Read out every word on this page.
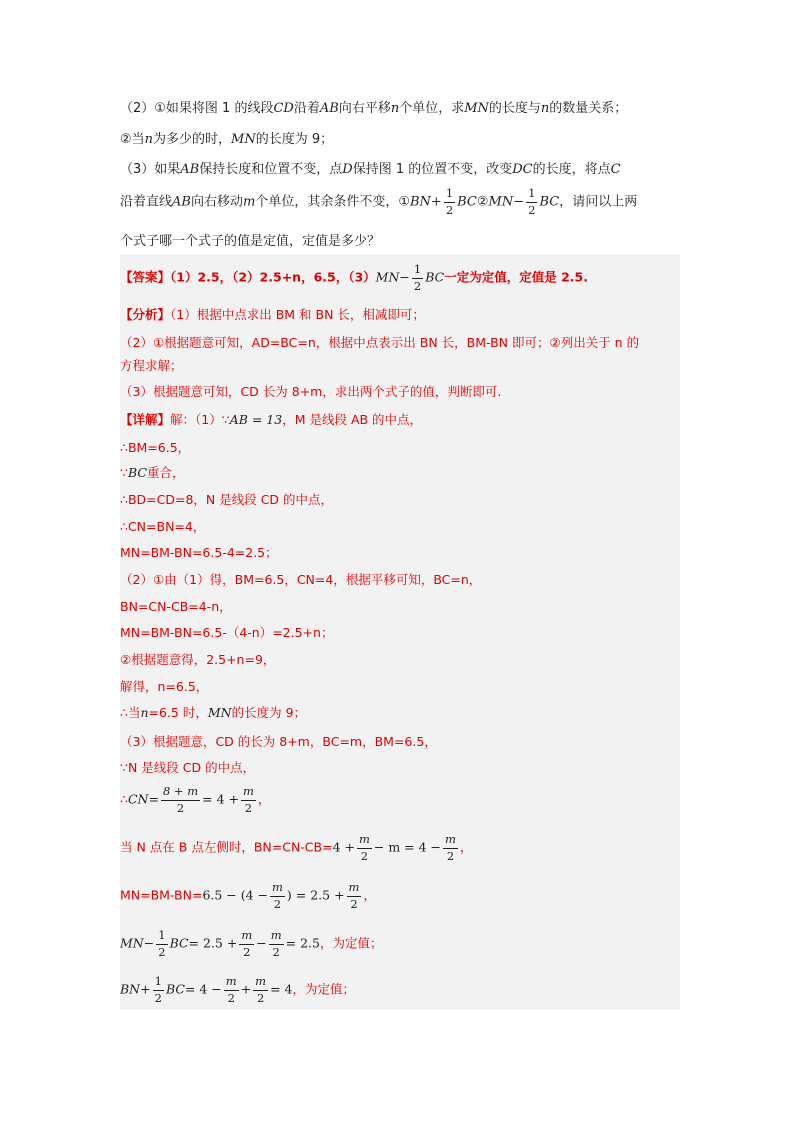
（2）①如果将图 1 的线段CD沿着AB向右平移n个单位，求MN的长度与n的数量关系；
②当n为多少的时，MN的长度为 9；
（3）如果AB保持长度和位置不变，点D保持图 1 的位置不变，改变DC的长度，将点C
沿着直线AB向右移动m个单位，其余条件不变，①BN+ $\frac{1}{2}$ BC②MN− $\frac{1}{2}$ BC，请问以上两
个式子哪一个式子的值是定值，定值是多少？
【答案】（1）2.5，（2）2.5+n，6.5，$(3)MN- \frac{1}{2}$ BC一定为定值，定值是 2.5.
【分析】（1）根据中点求出 BM 和 BN 长，相减即可；
（2）①根据题意可知，AD=BC=n，根据中点表示出 BN 长，BM-BN 即可；②列出关于 n 的
方程求解；
（3）根据题意可知，CD 长为 8+m，求出两个式子的值，判断即可.
【详解】解：（1）∵AB = 13，M 是线段 AB 的中点，
∴BM=6.5，
∵BC重合，
∴BD=CD=8，N 是线段 CD 的中点，
∴CN=BN=4，
MN=BM-BN=6.5-4=2.5；
（2）①由（1）得，BM=6.5，CN=4，根据平移可知，BC=n，
BN=CN-CB=4-n，
MN=BM-BN=6.5-（4-n）=2.5+n；
②根据题意得，2.5+n=9，
解得，n=6.5，
∴当n=6.5 时，MN的长度为 9；
（3）根据题意，CD 的长为 8+m，BC=m，BM=6.5，
∵N 是线段 CD 的中点，
∴CN= $\frac{8 + m}{2} = 4 + \frac{m}{2}$ ，
当 N 点在 B 点左侧时，$BN=CN-CB=4 + \frac{m}{2} - m = 4 - \frac{m}{2}$ ，
$MN=BM-BN=6.5 - (4 - \frac{m}{2}$ ) = $2.5 + \frac{m}{2}$ ，
$MN- \frac{1}{2} BC= 2.5 + \frac{m}{2} - \frac{m}{2} = 2.5$，为定值；
$BN+ \frac{1}{2} BC= 4 - \frac{m}{2} + \frac{m}{2} = 4$，为定值；
